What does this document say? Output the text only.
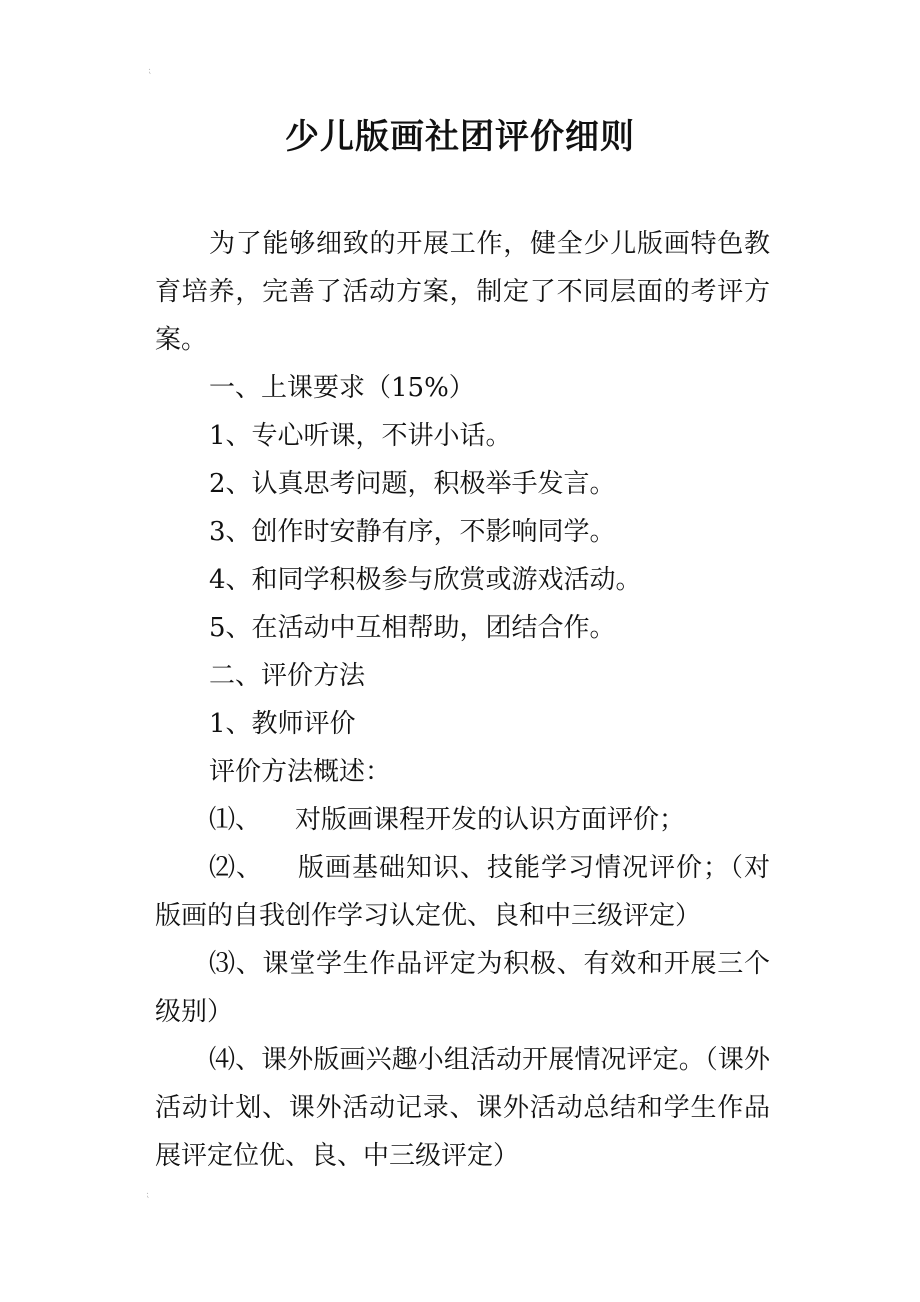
⁏
少儿版画社团评价细则

为了能够细致的开展工作，健全少儿版画特色教育培养，完善了活动方案，制定了不同层面的考评方案。

一、上课要求（15%）

1、专心听课，不讲小话。

2、认真思考问题，积极举手发言。

3、创作时安静有序，不影响同学。

4、和同学积极参与欣赏或游戏活动。

5、在活动中互相帮助，团结合作。

二、评价方法

1、教师评价

评价方法概述：

⑴、 对版画课程开发的认识方面评价；

⑵、 版画基础知识、技能学习情况评价；（对版画的自我创作学习认定优、良和中三级评定）

⑶、课堂学生作品评定为积极、有效和开展三个级别）

⑷、课外版画兴趣小组活动开展情况评定。（课外活动计划、课外活动记录、课外活动总结和学生作品展评定位优、良、中三级评定）

⁏
